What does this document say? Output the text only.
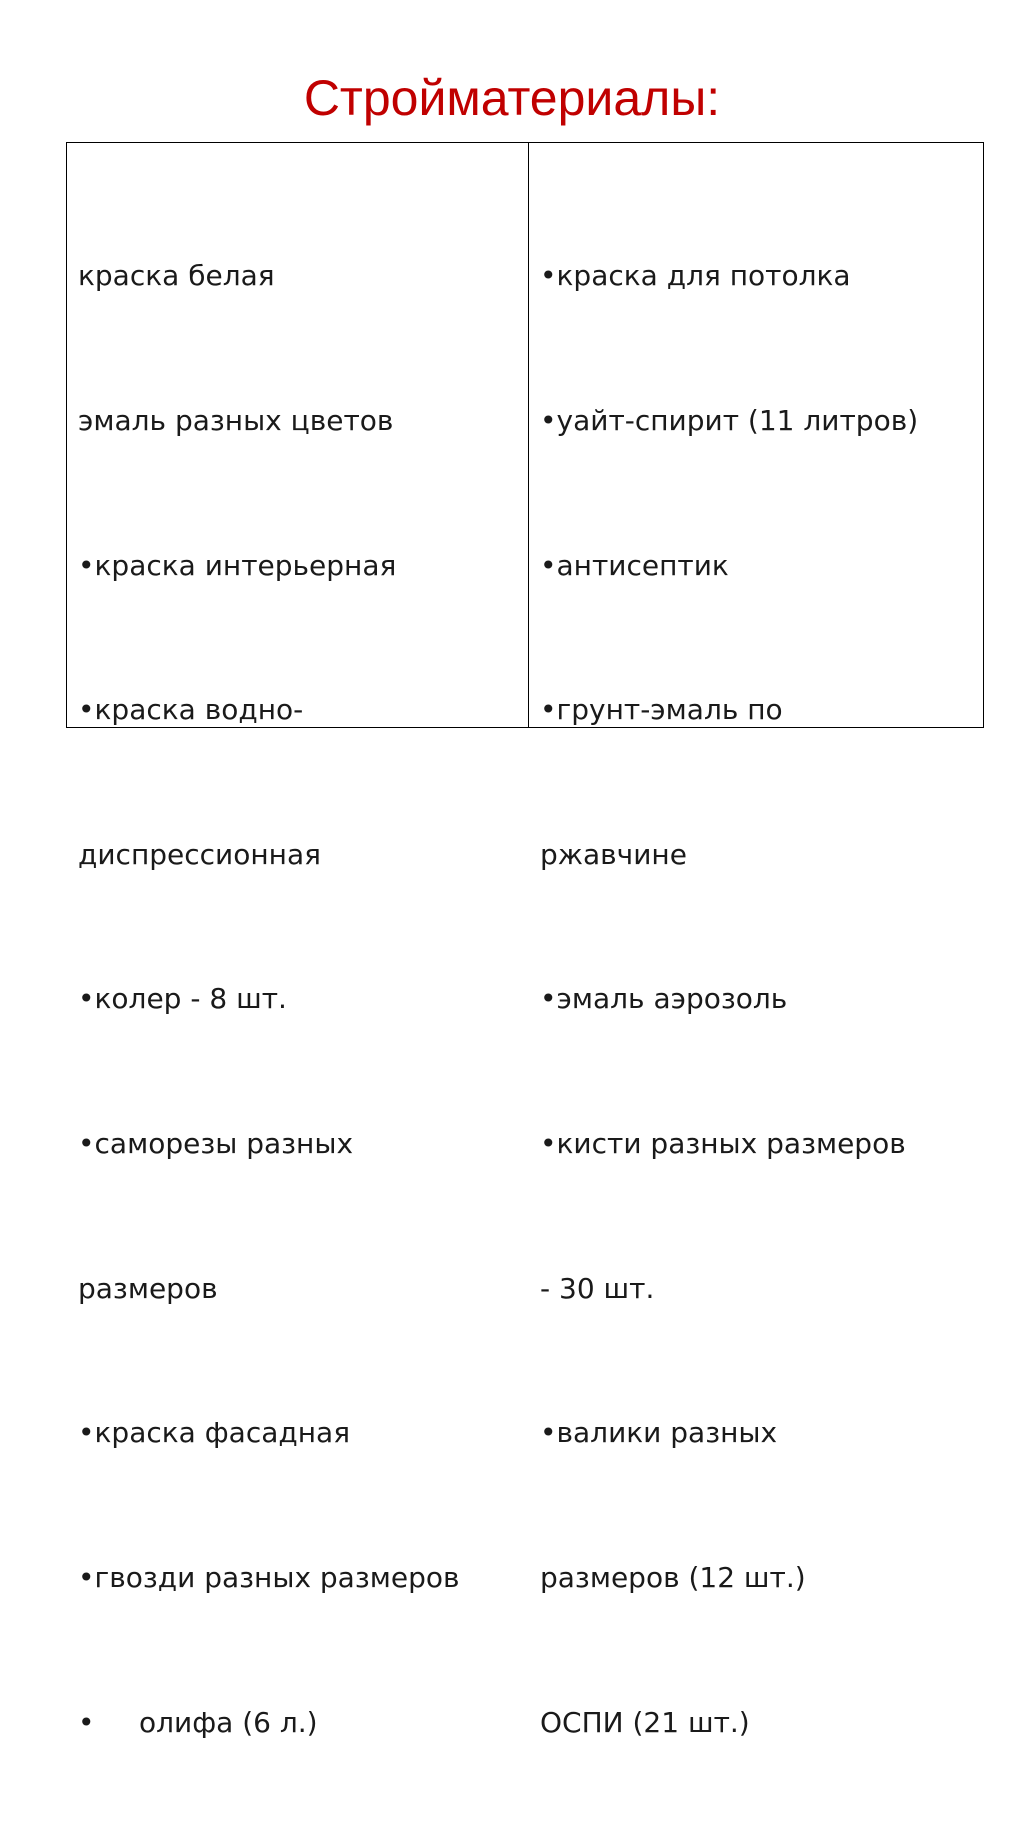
Стройматериалы:

краска белая

эмаль разных цветов

•краска интерьерная

•краска водно-

диспрессионная

•колер - 8 шт.

•саморезы разных

размеров

•краска фасадная

•гвозди разных размеров

•     олифа (6 л.)

•краска для потолка

•уайт-спирит (11 литров)

•антисептик

•грунт-эмаль по

ржавчине

•эмаль аэрозоль

•кисти разных размеров

- 30 шт.

•валики разных

размеров (12 шт.)

ОСПИ (21 шт.)
